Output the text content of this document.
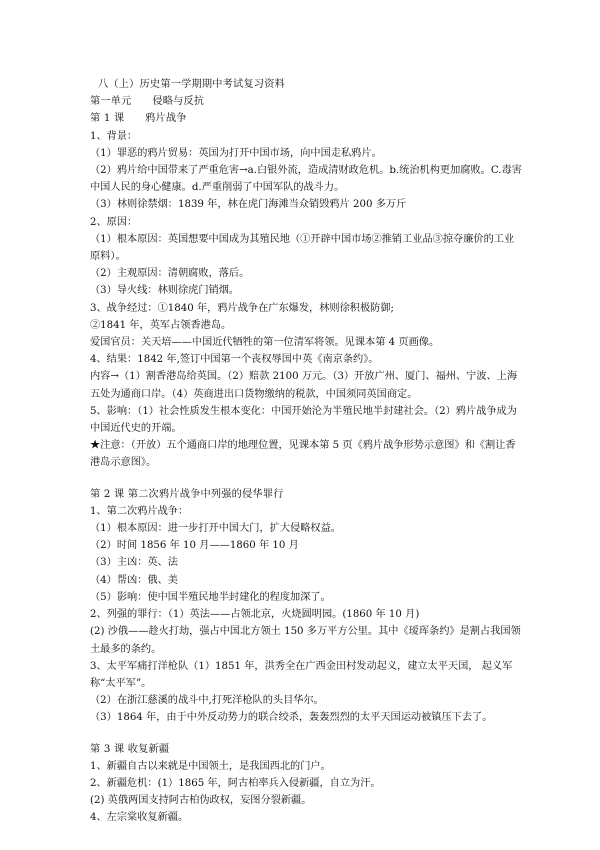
八（上）历史第一学期期中考试复习资料
第一单元　　侵略与反抗
第 1 课　　鸦片战争
1、背景：
（1）罪恶的鸦片贸易：英国为打开中国市场，向中国走私鸦片。
（2）鸦片给中国带来了严重危害→a.白银外流，造成清财政危机。b.统治机构更加腐败。C.毒害中国人民的身心健康。d.严重削弱了中国军队的战斗力。
（3）林则徐禁烟：1839 年，林在虎门海滩当众销毁鸦片 200 多万斤
2、原因：
（1）根本原因：英国想要中国成为其殖民地（①开辟中国市场②推销工业品③掠夺廉价的工业原料）。
（2）主观原因：清朝腐败，落后。
（3）导火线：林则徐虎门销烟。
3、战争经过：①1840 年，鸦片战争在广东爆发，林则徐积极防御;
②1841 年，英军占领香港岛。
爱国官员：关天培——中国近代牺牲的第一位清军将领。见课本第 4 页画像。
4、结果：1842 年,签订中国第一个丧权辱国中英《南京条约》。
内容→（1）割香港岛给英国。（2）赔款 2100 万元。（3）开放广州、厦门、福州、宁波、上海五处为通商口岸。（4）英商进出口货物缴纳的税款，中国须同英国商定。
5、影响：（1）社会性质发生根本变化：中国开始沦为半殖民地半封建社会。（2）鸦片战争成为中国近代史的开端。
★注意：（开放）五个通商口岸的地理位置，见课本第 5 页《鸦片战争形势示意图》和《割让香港岛示意图》。
第 2 课 第二次鸦片战争中列强的侵华罪行
1、第二次鸦片战争：
（1）根本原因：进一步打开中国大门，扩大侵略权益。
（2）时间 1856 年 10 月——1860 年 10 月
（3）主凶：英、法
（4）帮凶：俄、美
（5）影响：使中国半殖民地半封建化的程度加深了。
2、列强的罪行：（1）英法——占领北京，火烧圆明园。(1860 年 10 月)
(2) 沙俄——趁火打劫，强占中国北方领土 150 多万平方公里。其中《瑷珲条约》是割占我国领土最多的条约。
3、太平军痛打洋枪队（1）1851 年，洪秀全在广西金田村发动起义，建立太平天国， 起义军称“太平军”。
（2）在浙江慈溪的战斗中,打死洋枪队的头目华尔。
（3）1864 年，由于中外反动势力的联合绞杀，轰轰烈烈的太平天国运动被镇压下去了。
第 3 课 收复新疆
1、新疆自古以来就是中国领土，是我国西北的门户。
2、新疆危机：(1）1865 年，阿古柏率兵入侵新疆，自立为汗。
(2) 英俄两国支持阿古柏伪政权，妄图分裂新疆。
4、左宗棠收复新疆。
